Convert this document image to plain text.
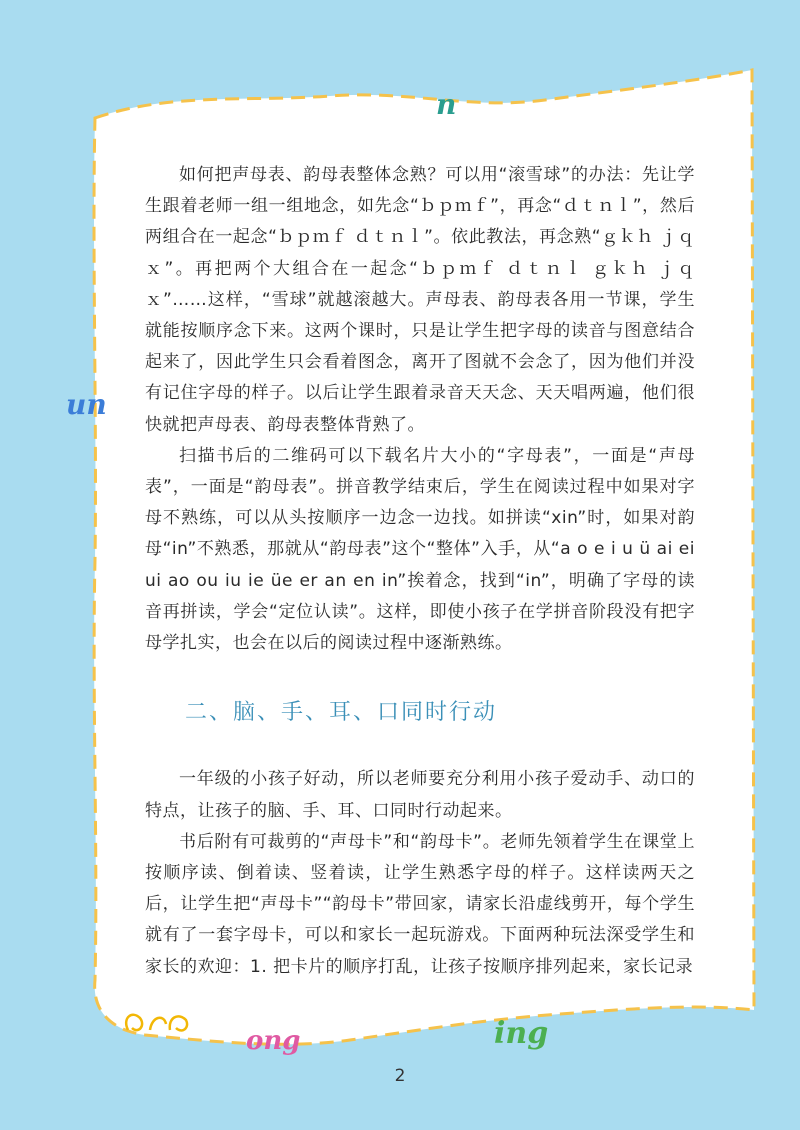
n
un
ong	ing

如何把声母表、韵母表整体念熟？可以用“滚雪球”的办法：先让学生跟着老师一组一组地念，如先念“ｂｐｍｆ”，再念“ｄｔｎｌ”，然后两组合在一起念“ｂｐｍｆ ｄｔｎｌ”。依此教法，再念熟“ｇｋｈ ｊｑｘ”。再把两个大组合在一起念“ｂｐｍｆ ｄｔｎｌ ｇｋｈ ｊｑｘ”……这样，“雪球”就越滚越大。声母表、韵母表各用一节课，学生就能按顺序念下来。这两个课时，只是让学生把字母的读音与图意结合起来了，因此学生只会看着图念，离开了图就不会念了，因为他们并没有记住字母的样子。以后让学生跟着录音天天念、天天唱两遍，他们很快就把声母表、韵母表整体背熟了。

扫描书后的二维码可以下载名片大小的“字母表”，一面是“声母表”，一面是“韵母表”。拼音教学结束后，学生在阅读过程中如果对字母不熟练，可以从头按顺序一边念一边找。如拼读“xin”时，如果对韵母“in”不熟悉，那就从“韵母表”这个“整体”入手，从“a o e i u ü ai ei ui ao ou iu ie üe er an en in”挨着念，找到“in”，明确了字母的读音再拼读，学会“定位认读”。这样，即使小孩子在学拼音阶段没有把字母学扎实，也会在以后的阅读过程中逐渐熟练。

二、脑、手、耳、口同时行动

一年级的小孩子好动，所以老师要充分利用小孩子爱动手、动口的特点，让孩子的脑、手、耳、口同时行动起来。

书后附有可裁剪的“声母卡”和“韵母卡”。老师先领着学生在课堂上按顺序读、倒着读、竖着读，让学生熟悉字母的样子。这样读两天之后，让学生把“声母卡”“韵母卡”带回家，请家长沿虚线剪开，每个学生就有了一套字母卡，可以和家长一起玩游戏。下面两种玩法深受学生和家长的欢迎：1. 把卡片的顺序打乱，让孩子按顺序排列起来，家长记录

2
